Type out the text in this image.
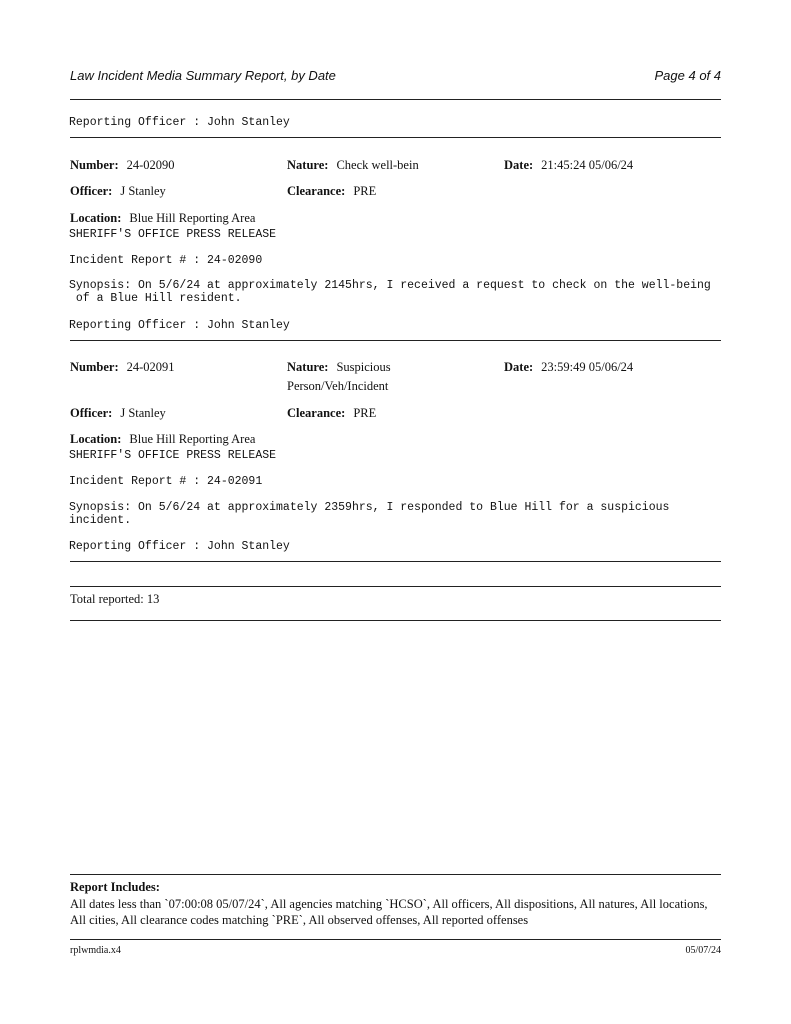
Law Incident Media Summary Report, by Date	Page 4 of 4
Reporting Officer : John Stanley
Number: 24-02090	Nature: Check well-bein	Date: 21:45:24 05/06/24
Officer: J Stanley	Clearance: PRE
Location: Blue Hill Reporting Area
SHERIFF'S OFFICE PRESS RELEASE
Incident Report # : 24-02090
Synopsis: On 5/6/24 at approximately 2145hrs, I received a request to check on the well-being
of a Blue Hill resident.
Reporting Officer : John Stanley
Number: 24-02091	Nature: Suspicious
Person/Veh/Incident
Date: 23:59:49 05/06/24
Officer: J Stanley	Clearance: PRE
Location: Blue Hill Reporting Area
SHERIFF'S OFFICE PRESS RELEASE
Incident Report # : 24-02091
Synopsis: On 5/6/24 at approximately 2359hrs, I responded to Blue Hill for a suspicious
incident.
Reporting Officer : John Stanley
Total reported: 13
Report Includes:
All dates less than `07:00:08 05/07/24`, All agencies matching `HCSO`, All officers, All dispositions, All natures, All locations, All cities, All clearance codes matching `PRE`, All observed offenses, All reported offenses
rplwmdia.x4	05/07/24
